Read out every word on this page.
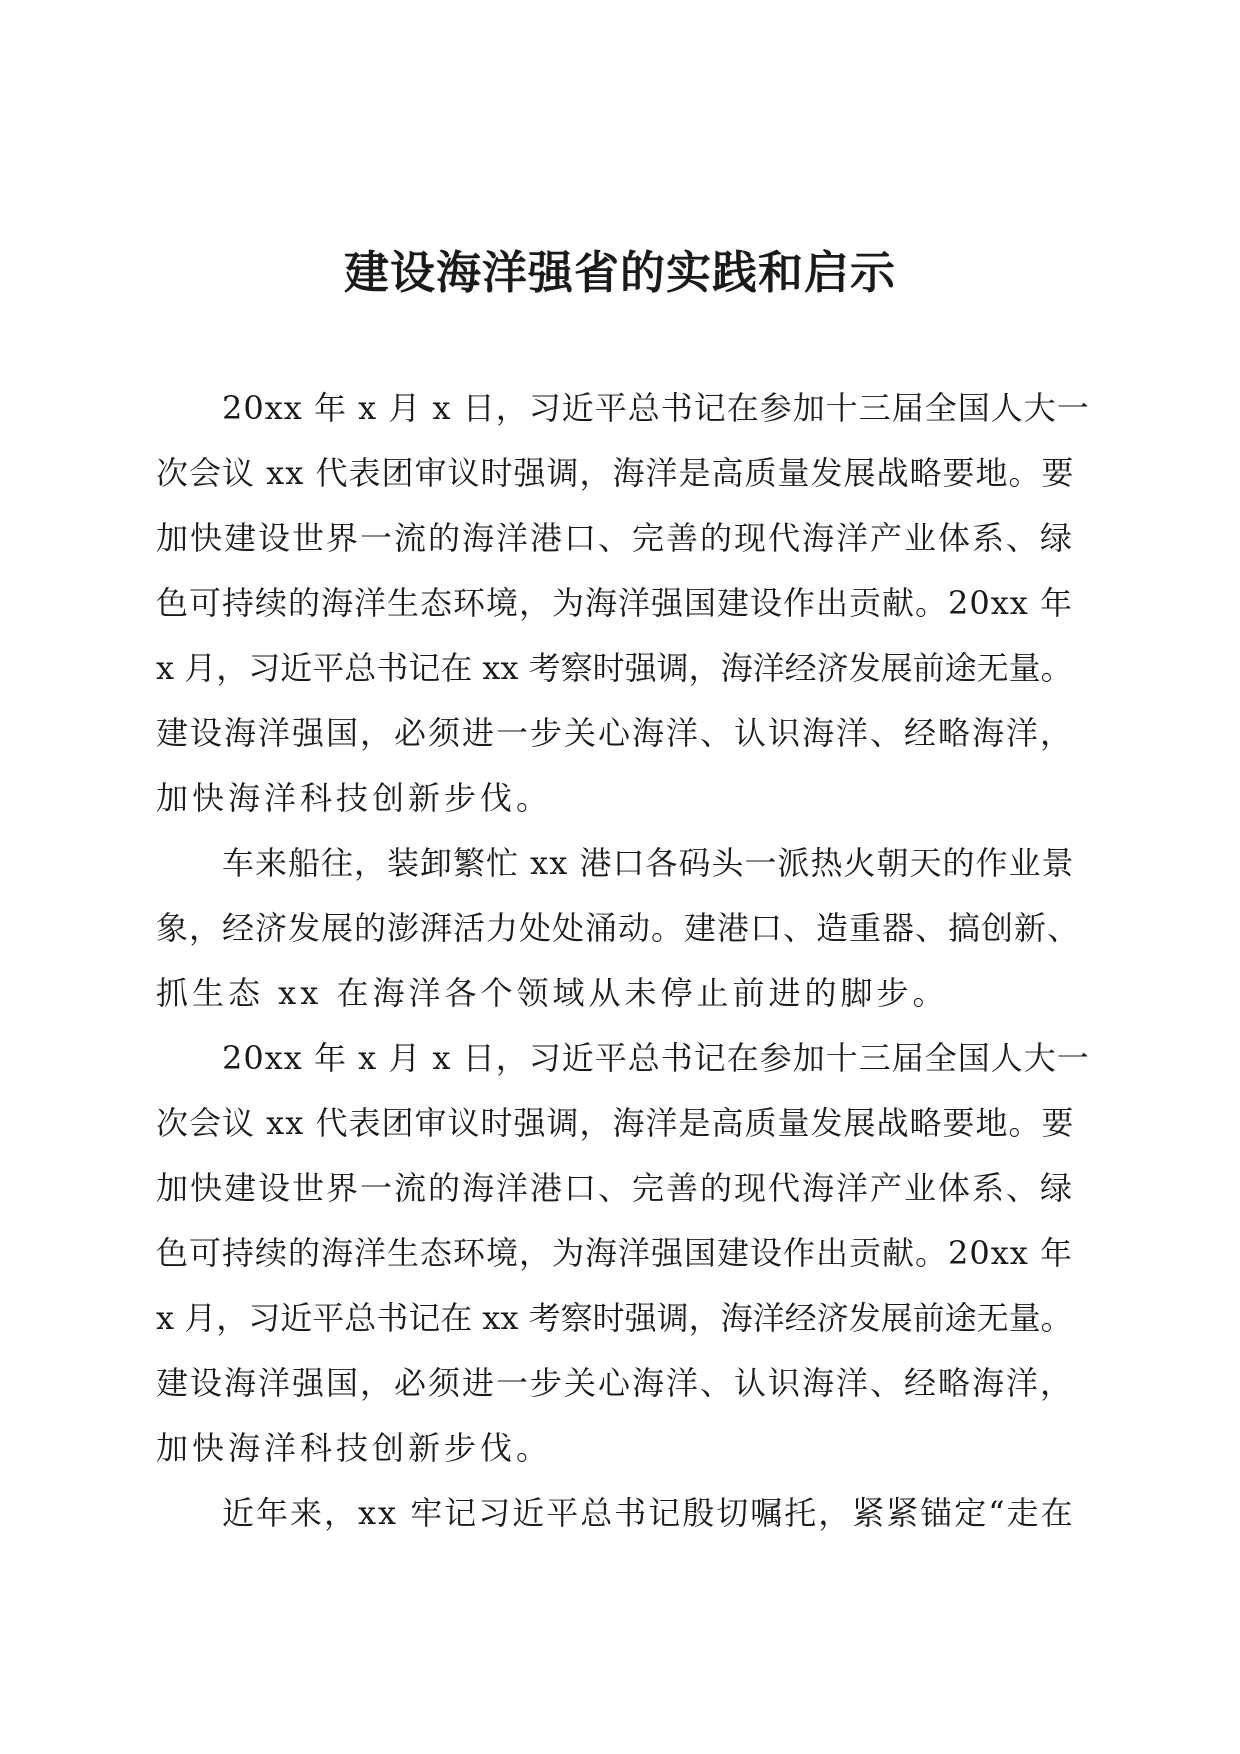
建设海洋强省的实践和启示
20xx 年 x 月 x 日，习近平总书记在参加十三届全国人大一
次会议 xx 代表团审议时强调，海洋是高质量发展战略要地。要
加快建设世界一流的海洋港口、完善的现代海洋产业体系、绿
色可持续的海洋生态环境，为海洋强国建设作出贡献。20xx 年
x 月，习近平总书记在 xx 考察时强调，海洋经济发展前途无量。
建设海洋强国，必须进一步关心海洋、认识海洋、经略海洋，
加快海洋科技创新步伐。
车来船往，装卸繁忙 xx 港口各码头一派热火朝天的作业景
象，经济发展的澎湃活力处处涌动。建港口、造重器、搞创新、
抓生态 xx 在海洋各个领域从未停止前进的脚步。
20xx 年 x 月 x 日，习近平总书记在参加十三届全国人大一
次会议 xx 代表团审议时强调，海洋是高质量发展战略要地。要
加快建设世界一流的海洋港口、完善的现代海洋产业体系、绿
色可持续的海洋生态环境，为海洋强国建设作出贡献。20xx 年
x 月，习近平总书记在 xx 考察时强调，海洋经济发展前途无量。
建设海洋强国，必须进一步关心海洋、认识海洋、经略海洋，
加快海洋科技创新步伐。
近年来，xx 牢记习近平总书记殷切嘱托，紧紧锚定“走在
